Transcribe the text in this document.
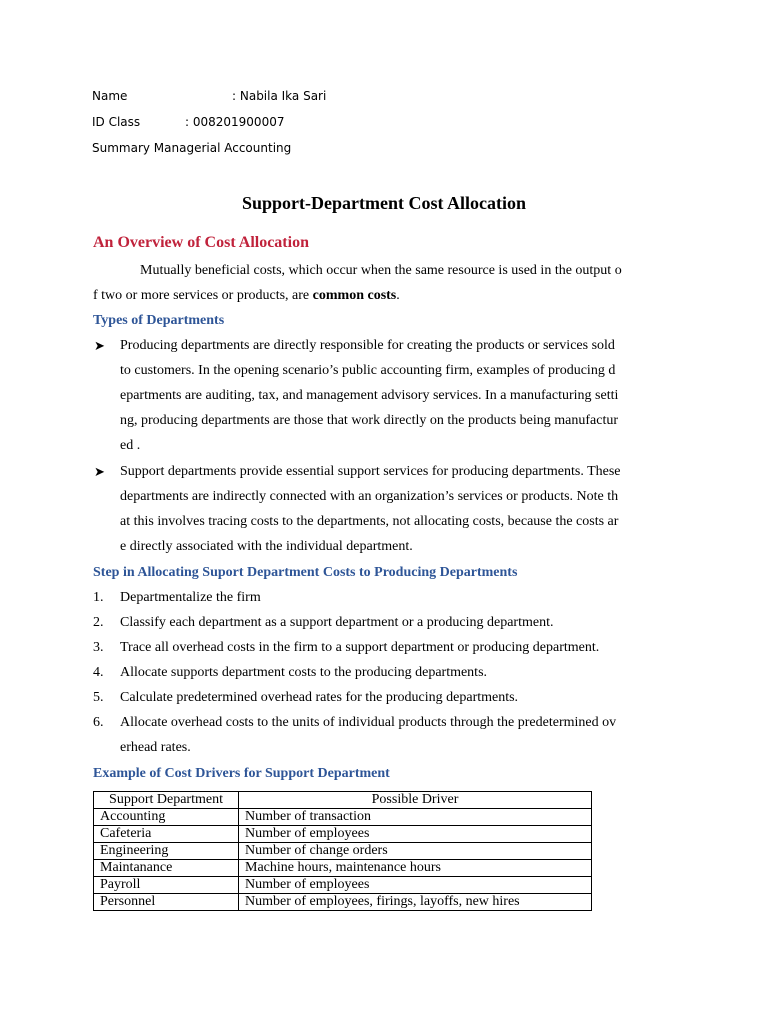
Name	: Nabila Ika Sari
ID Class	: 008201900007
Summary Managerial Accounting
Support-Department Cost Allocation
An Overview of Cost Allocation
Mutually beneficial costs, which occur when the same resource is used in the output o
f two or more services or products, are common costs.
Types of Departments
➤ Producing departments are directly responsible for creating the products or services sold
to customers. In the opening scenario’s public accounting firm, examples of producing d
epartments are auditing, tax, and management advisory services. In a manufacturing setti
ng, producing departments are those that work directly on the products being manufactur
ed .
➤ Support departments provide essential support services for producing departments. These
departments are indirectly connected with an organization’s services or products. Note th
at this involves tracing costs to the departments, not allocating costs, because the costs ar
e directly associated with the individual department.
Step in Allocating Suport Department Costs to Producing Departments
1. Departmentalize the firm
2. Classify each department as a support department or a producing department.
3. Trace all overhead costs in the firm to a support department or producing department.
4. Allocate supports department costs to the producing departments.
5. Calculate predetermined overhead rates for the producing departments.
6. Allocate overhead costs to the units of individual products through the predetermined ov
erhead rates.
Example of Cost Drivers for Support Department
Support Department	Possible Driver
Accounting	Number of transaction
Cafeteria	Number of employees
Engineering	Number of change orders
Maintanance	Machine hours, maintenance hours
Payroll	Number of employees
Personnel	Number of employees, firings, layoffs, new hires
